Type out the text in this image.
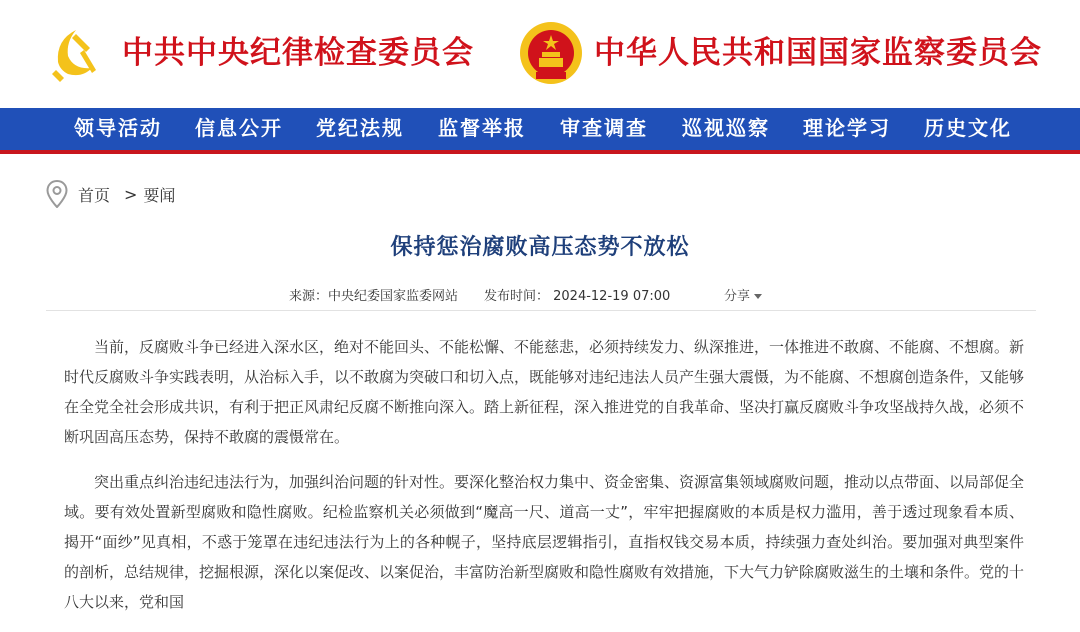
中共中央纪律检查委员会	中华人民共和国国家监察委员会
领导活动 信息公开 党纪法规 监督举报 审查调查 巡视巡察 理论学习 历史文化
首页 > 要闻
保持惩治腐败高压态势不放松
来源：中央纪委国家监委网站 发布时间： 2024-12-19 07:00	分享

当前，反腐败斗争已经进入深水区，绝对不能回头、不能松懈、不能慈悲，必须持续发力、纵深推进，一体推进不敢腐、不能腐、不想腐。新时代反腐败斗争实践表明，从治标入手，以不敢腐为突破口和切入点，既能够对违纪违法人员产生强大震慑，为不能腐、不想腐创造条件，又能够在全党全社会形成共识，有利于把正风肃纪反腐不断推向深入。踏上新征程，深入推进党的自我革命、坚决打赢反腐败斗争攻坚战持久战，必须不断巩固高压态势，保持不敢腐的震慑常在。

突出重点纠治违纪违法行为，加强纠治问题的针对性。要深化整治权力集中、资金密集、资源富集领域腐败问题，推动以点带面、以局部促全域。要有效处置新型腐败和隐性腐败。纪检监察机关必须做到“魔高一尺、道高一丈”，牢牢把握腐败的本质是权力滥用，善于透过现象看本质、揭开“面纱”见真相，不惑于笼罩在违纪违法行为上的各种幌子，坚持底层逻辑指引，直指权钱交易本质，持续强力查处纠治。要加强对典型案件的剖析，总结规律，挖掘根源，深化以案促改、以案促治，丰富防治新型腐败和隐性腐败有效措施，下大气力铲除腐败滋生的土壤和条件。党的十八大以来，党和国
